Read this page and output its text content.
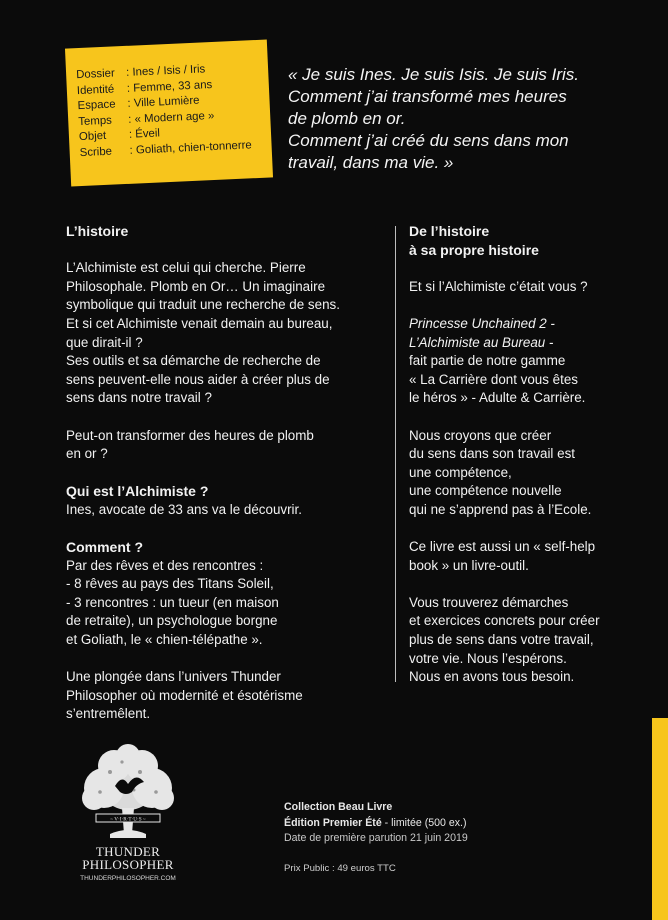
Dossier : Ines / Isis / Iris
Identité : Femme, 33 ans
Espace : Ville Lumière
Temps : « Modern age »
Objet : Éveil
Scribe : Goliath, chien-tonnerre
« Je suis Ines. Je suis Isis. Je suis Iris.
Comment j’ai transformé mes heures
de plomb en or.
Comment j’ai créé du sens dans mon
travail, dans ma vie. »
L’histoire
L’Alchimiste est celui qui cherche. Pierre
Philosophale. Plomb en Or… Un imaginaire
symbolique qui traduit une recherche de sens.
Et si cet Alchimiste venait demain au bureau,
que dirait-il ?
Ses outils et sa démarche de recherche de
sens peuvent-elle nous aider à créer plus de
sens dans notre travail ?
Peut-on transformer des heures de plomb
en or ?
Qui est l’Alchimiste ?
Ines, avocate de 33 ans va le découvrir.
Comment ?
Par des rêves et des rencontres :
- 8 rêves au pays des Titans Soleil,
- 3 rencontres : un tueur (en maison
de retraite), un psychologue borgne
et Goliath, le « chien-télépathe ».
Une plongée dans l’univers Thunder
Philosopher où modernité et ésotérisme
s’entremêlent.
De l’histoire
à sa propre histoire
Et si l’Alchimiste c’était vous ?
Princesse Unchained 2 -
L’Alchimiste au Bureau -
fait partie de notre gamme
« La Carrière dont vous êtes
le héros » - Adulte & Carrière.
Nous croyons que créer
du sens dans son travail est
une compétence,
une compétence nouvelle
qui ne s’apprend pas à l’Ecole.
Ce livre est aussi un « self-help
book » un livre-outil.
Vous trouverez démarches
et exercices concrets pour créer
plus de sens dans votre travail,
votre vie. Nous l’espérons.
Nous en avons tous besoin.
~ V·I·R·T·U·S ~
THUNDER
PHILOSOPHER
THUNDERPHILOSOPHER.COM
Collection Beau Livre
Édition Premier Été - limitée (500 ex.)
Date de première parution 21 juin 2019
Prix Public : 49 euros TTC
